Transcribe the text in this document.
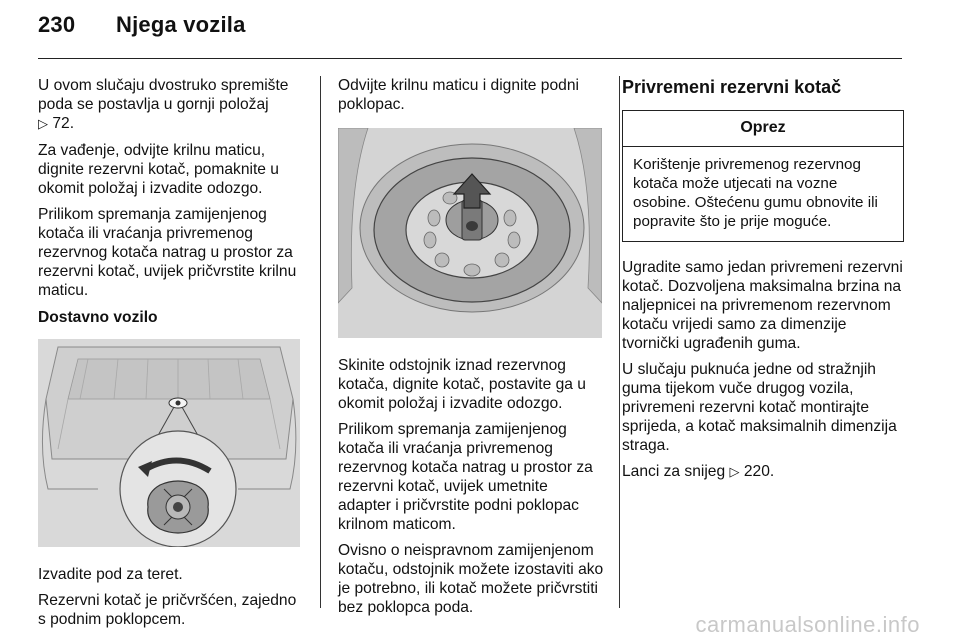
230 Njega vozila

U ovom slučaju dvostruko spremište poda se postavlja u gornji položaj
▷ 72.

Za vađenje, odvijte krilnu maticu, dignite rezervni kotač, pomaknite u okomit položaj i izvadite odozgo.

Prilikom spremanja zamijenjenog kotača ili vraćanja privremenog rezervnog kotača natrag u prostor za rezervni kotač, uvijek pričvrstite krilnu maticu.

Dostavno vozilo

Izvadite pod za teret.

Rezervni kotač je pričvršćen, zajedno s podnim poklopcem.

Odvijte krilnu maticu i dignite podni poklopac.

Skinite odstojnik iznad rezervnog kotača, dignite kotač, postavite ga u okomit položaj i izvadite odozgo.

Prilikom spremanja zamijenjenog kotača ili vraćanja privremenog rezervnog kotača natrag u prostor za rezervni kotač, uvijek umetnite adapter i pričvrstite podni poklopac krilnom maticom.

Ovisno o neispravnom zamijenjenom kotaču, odstojnik možete izostaviti ako je potrebno, ili kotač možete pričvrstiti bez poklopca poda.

Privremeni rezervni kotač
Oprez
Korištenje privremenog rezervnog kotača može utjecati na vozne osobine. Oštećenu gumu obnovite ili popravite što je prije moguće.

Ugradite samo jedan privremeni rezervni kotač. Dozvoljena maksimalna brzina na naljepnicei na privremenom rezervnom kotaču vrijedi samo za dimenzije tvornički ugrađenih guma.

U slučaju puknuća jedne od stražnjih guma tijekom vuče drugog vozila, privremeni rezervni kotač montirajte sprijeda, a kotač maksimalnih dimenzija straga.

Lanci za snijeg ▷ 220.

carmanualsonline.info
